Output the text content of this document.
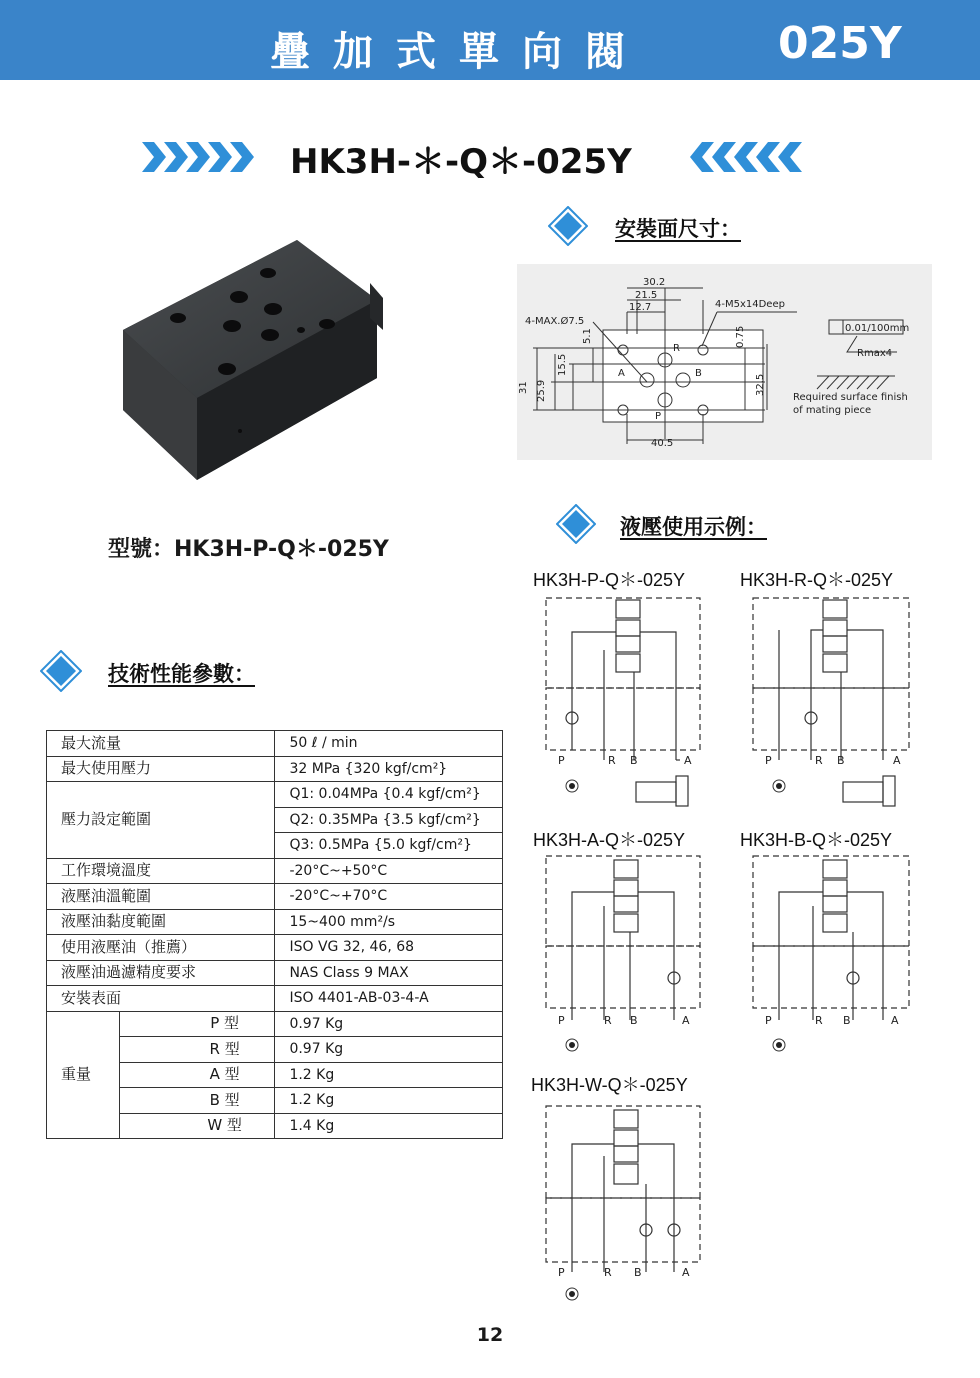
疊加式單向閥	025Y
HK3H-＊-Q＊-025Y
安裝面尺寸：
30.2
21.5
12.7
4-MAX.Ø7.5
4-M5x14Deep
R
A	B
P
40.5
0.01/100mm
Rmax4
Required surface finish
of mating piece
31 25.9
15.5
5.1	0.75
32.5
型號：HK3H-P-Q＊-025Y
液壓使用示例：
技術性能參數：
最大流量		50 ℓ / min
最大使用壓力		32 MPa {320 kgf/cm²}
壓力設定範圍		Q1: 0.04MPa {0.4 kgf/cm²}
		Q2: 0.35MPa {3.5 kgf/cm²}
		Q3: 0.5MPa {5.0 kgf/cm²}
工作環境溫度		-20°C~+50°C
液壓油溫範圍		-20°C~+70°C
液壓油黏度範圍		15~400 mm²/s
使用液壓油（推薦）		ISO VG 32, 46, 68
液壓油過濾精度要求		NAS Class 9 MAX
安裝表面		ISO 4401-AB-03-4-A
重量	P 型	0.97 Kg
	R 型	0.97 Kg
	A 型	1.2 Kg
	B 型	1.2 Kg
	W 型	1.4 Kg
HK3H-P-Q＊-025Y	HK3H-R-Q＊-025Y
HK3H-A-Q＊-025Y	HK3H-B-Q＊-025Y
HK3H-W-Q＊-025Y
P	R B	A	P	R B	A
P	R B	A	P	R B	A
P	R B	A
12
